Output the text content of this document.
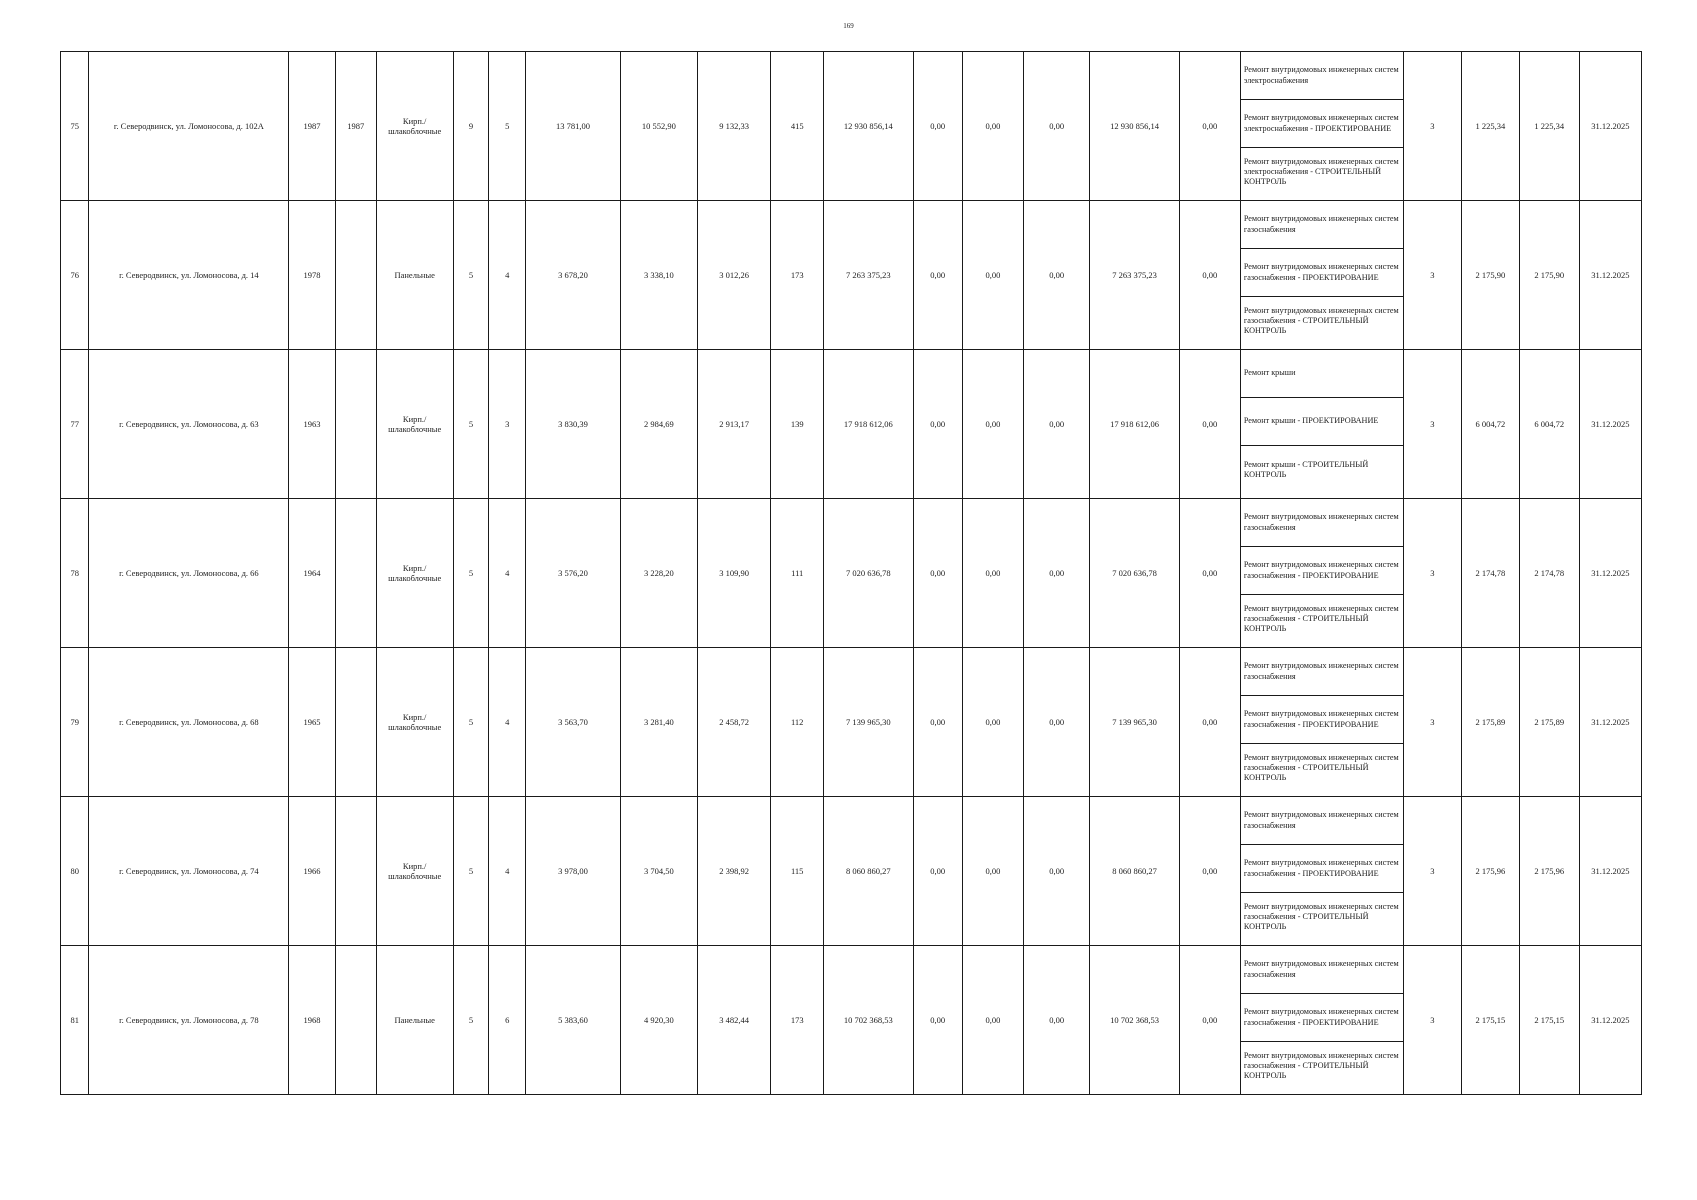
169
75	г. Северодвинск, ул. Ломоносова, д. 102А	1987	1987	Кирп./ шлакоблочные	9	5	13 781,00	10 552,90	9 132,33	415	12 930 856,14	0,00	0,00	0,00	12 930 856,14	0,00	Ремонт внутридомовых инженерных систем электроснабжения
Ремонт внутридомовых инженерных систем электроснабжения - ПРОЕКТИРОВАНИЕ
Ремонт внутридомовых инженерных систем электроснабжения - СТРОИТЕЛЬНЫЙ КОНТРОЛЬ	3	1 225,34	1 225,34	31.12.2025
76	г. Северодвинск, ул. Ломоносова, д. 14	1978		Панельные	5	4	3 678,20	3 338,10	3 012,26	173	7 263 375,23	0,00	0,00	0,00	7 263 375,23	0,00	Ремонт внутридомовых инженерных систем газоснабжения
Ремонт внутридомовых инженерных систем газоснабжения - ПРОЕКТИРОВАНИЕ
Ремонт внутридомовых инженерных систем газоснабжения - СТРОИТЕЛЬНЫЙ КОНТРОЛЬ	3	2 175,90	2 175,90	31.12.2025
77	г. Северодвинск, ул. Ломоносова, д. 63	1963		Кирп./ шлакоблочные	5	3	3 830,39	2 984,69	2 913,17	139	17 918 612,06	0,00	0,00	0,00	17 918 612,06	0,00	Ремонт крыши
Ремонт крыши - ПРОЕКТИРОВАНИЕ
Ремонт крыши - СТРОИТЕЛЬНЫЙ КОНТРОЛЬ	3	6 004,72	6 004,72	31.12.2025
78	г. Северодвинск, ул. Ломоносова, д. 66	1964		Кирп./ шлакоблочные	5	4	3 576,20	3 228,20	3 109,90	111	7 020 636,78	0,00	0,00	0,00	7 020 636,78	0,00	Ремонт внутридомовых инженерных систем газоснабжения
Ремонт внутридомовых инженерных систем газоснабжения - ПРОЕКТИРОВАНИЕ
Ремонт внутридомовых инженерных систем газоснабжения - СТРОИТЕЛЬНЫЙ КОНТРОЛЬ	3	2 174,78	2 174,78	31.12.2025
79	г. Северодвинск, ул. Ломоносова, д. 68	1965		Кирп./ шлакоблочные	5	4	3 563,70	3 281,40	2 458,72	112	7 139 965,30	0,00	0,00	0,00	7 139 965,30	0,00	Ремонт внутридомовых инженерных систем газоснабжения
Ремонт внутридомовых инженерных систем газоснабжения - ПРОЕКТИРОВАНИЕ
Ремонт внутридомовых инженерных систем газоснабжения - СТРОИТЕЛЬНЫЙ КОНТРОЛЬ	3	2 175,89	2 175,89	31.12.2025
80	г. Северодвинск, ул. Ломоносова, д. 74	1966		Кирп./ шлакоблочные	5	4	3 978,00	3 704,50	2 398,92	115	8 060 860,27	0,00	0,00	0,00	8 060 860,27	0,00	Ремонт внутридомовых инженерных систем газоснабжения
Ремонт внутридомовых инженерных систем газоснабжения - ПРОЕКТИРОВАНИЕ
Ремонт внутридомовых инженерных систем газоснабжения - СТРОИТЕЛЬНЫЙ КОНТРОЛЬ	3	2 175,96	2 175,96	31.12.2025
81	г. Северодвинск, ул. Ломоносова, д. 78	1968		Панельные	5	6	5 383,60	4 920,30	3 482,44	173	10 702 368,53	0,00	0,00	0,00	10 702 368,53	0,00	Ремонт внутридомовых инженерных систем газоснабжения
Ремонт внутридомовых инженерных систем газоснабжения - ПРОЕКТИРОВАНИЕ
Ремонт внутридомовых инженерных систем газоснабжения - СТРОИТЕЛЬНЫЙ КОНТРОЛЬ	3	2 175,15	2 175,15	31.12.2025
